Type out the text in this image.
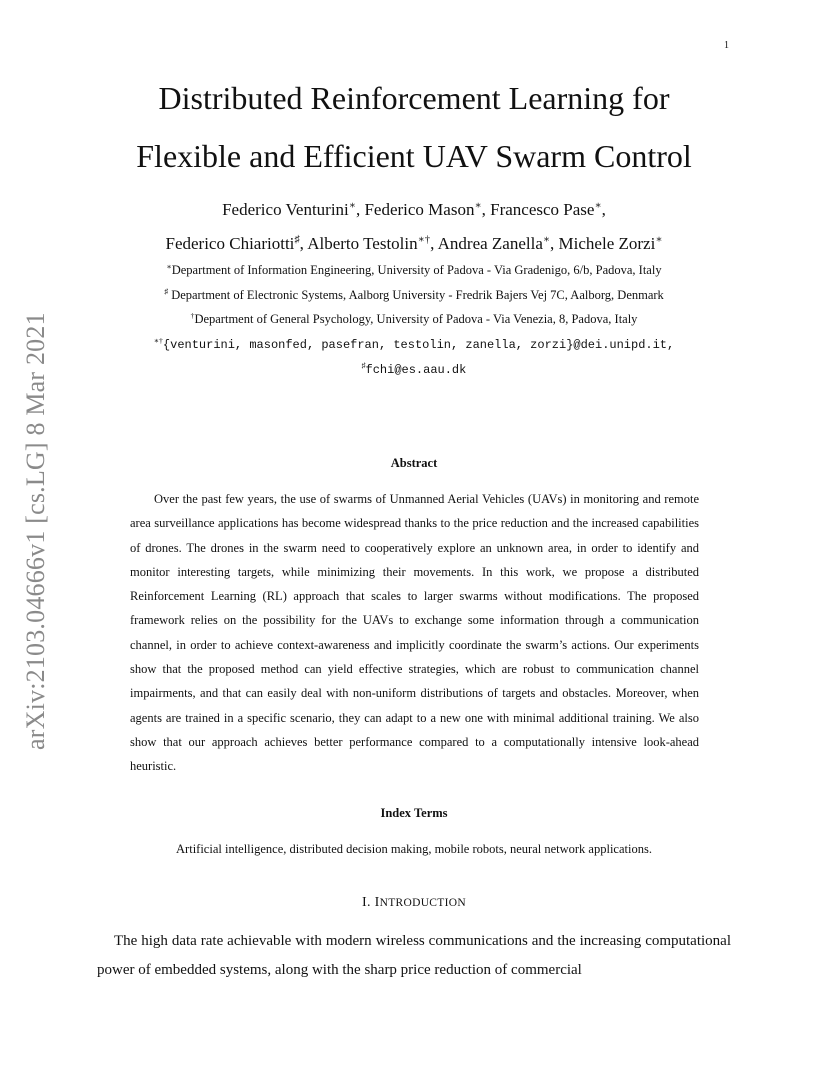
1
arXiv:2103.04666v1 [cs.LG] 8 Mar 2021
Distributed Reinforcement Learning for
Flexible and Efficient UAV Swarm Control
Federico Venturini∗, Federico Mason∗, Francesco Pase∗,
Federico Chiariotti♯, Alberto Testolin∗†, Andrea Zanella∗, Michele Zorzi∗
∗Department of Information Engineering, University of Padova - Via Gradenigo, 6/b, Padova, Italy
♯ Department of Electronic Systems, Aalborg University - Fredrik Bajers Vej 7C, Aalborg, Denmark
†Department of General Psychology, University of Padova - Via Venezia, 8, Padova, Italy
∗†{venturini, masonfed, pasefran, testolin, zanella, zorzi}@dei.unipd.it,
♯fchi@es.aau.dk
Abstract

Over the past few years, the use of swarms of Unmanned Aerial Vehicles (UAVs) in monitoring and remote area surveillance applications has become widespread thanks to the price reduction and the increased capabilities of drones. The drones in the swarm need to cooperatively explore an unknown area, in order to identify and monitor interesting targets, while minimizing their movements. In this work, we propose a distributed Reinforcement Learning (RL) approach that scales to larger swarms without modifications. The proposed framework relies on the possibility for the UAVs to exchange some information through a communication channel, in order to achieve context-awareness and implicitly coordinate the swarm’s actions. Our experiments show that the proposed method can yield effective strategies, which are robust to communication channel impairments, and that can easily deal with non-uniform distributions of targets and obstacles. Moreover, when agents are trained in a specific scenario, they can adapt to a new one with minimal additional training. We also show that our approach achieves better performance compared to a computationally intensive look-ahead heuristic.

Index Terms
Artificial intelligence, distributed decision making, mobile robots, neural network applications.
I. INTRODUCTION

The high data rate achievable with modern wireless communications and the increasing computational power of embedded systems, along with the sharp price reduction of commercial
